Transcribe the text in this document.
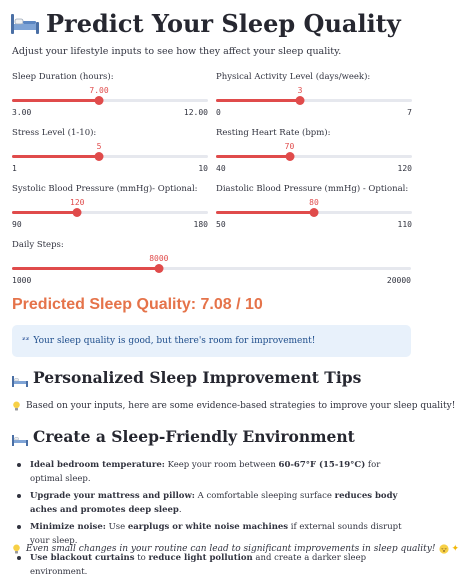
Predict Your Sleep Quality
Adjust your lifestyle inputs to see how they affect your sleep quality.
Sleep Duration (hours):
7.00
3.00	12.00
Physical Activity Level (days/week):
3
0	7
Stress Level (1-10):
5
1	10
Resting Heart Rate (bpm):
70
40	120
Systolic Blood Pressure (mmHg)- Optional:
120
90	180
Diastolic Blood Pressure (mmHg) - Optional:
80
50	110
Daily Steps:
8000
1000	20000
Predicted Sleep Quality: 7.08 / 10
ᶻᶻ Your sleep quality is good, but there's room for improvement!
Personalized Sleep Improvement Tips
Based on your inputs, here are some evidence-based strategies to improve your sleep quality!
Create a Sleep-Friendly Environment
Ideal bedroom temperature: Keep your room between 60-67°F (15-19°C) for optimal sleep.
Upgrade your mattress and pillow: A comfortable sleeping surface reduces body aches and promotes deep sleep.
Minimize noise: Use earplugs or white noise machines if external sounds disrupt your sleep.
Use blackout curtains to reduce light pollution and create a darker sleep environment.
Even small changes in your routine can lead to significant improvements in sleep quality! ✦
